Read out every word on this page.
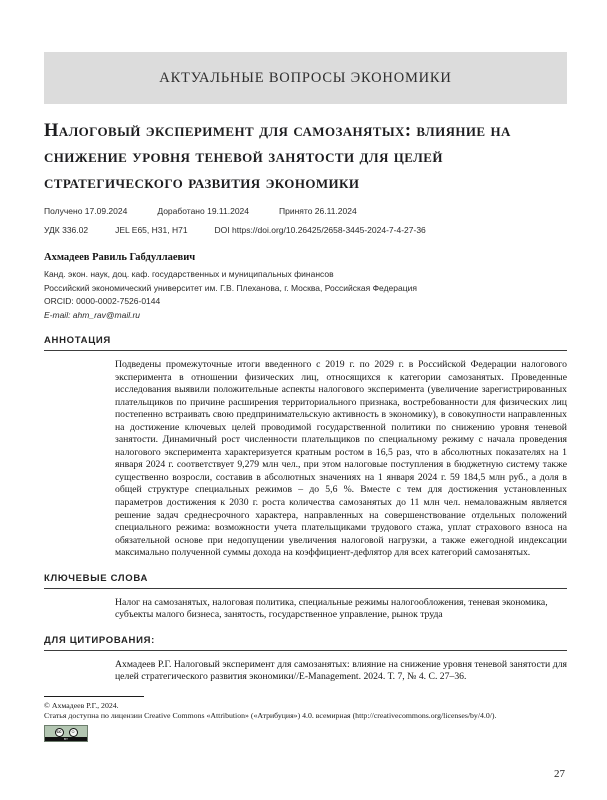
АКТУАЛЬНЫЕ ВОПРОСЫ ЭКОНОМИКИ
Налоговый эксперимент для самозанятых: влияние на снижение уровня теневой занятости для целей стратегического развития экономики
Получено 17.09.2024	Доработано 19.11.2024	Принято 26.11.2024
УДК 336.02	JEL E65, H31, H71	DOI https://doi.org/10.26425/2658-3445-2024-7-4-27-36
Ахмадеев Равиль Габдуллаевич
Канд. экон. наук, доц. каф. государственных и муниципальных финансов
Российский экономический университет им. Г.В. Плеханова, г. Москва, Российская Федерация
ORCID: 0000-0002-7526-0144
E-mail: ahm_rav@mail.ru
АННОТАЦИЯ

Подведены промежуточные итоги введенного с 2019 г. по 2029 г. в Российской Федерации налогового эксперимента в отношении физических лиц, относящихся к категории самозанятых. Проведенные исследования выявили положительные аспекты налогового эксперимента (увеличение зарегистрированных плательщиков по причине расширения территориального признака, востребованности для физических лиц постепенно встраивать свою предпринимательскую активность в экономику), в совокупности направленных на достижение ключевых целей проводимой государственной политики по снижению уровня теневой занятости. Динамичный рост численности плательщиков по специальному режиму с начала проведения налогового эксперимента характеризуется кратным ростом в 16,5 раз, что в абсолютных показателях на 1 января 2024 г. соответствует 9,279 млн чел., при этом налоговые поступления в бюджетную систему также существенно возросли, составив в абсолютных значениях на 1 января 2024 г. 59 184,5 млн руб., а доля в общей структуре специальных режимов – до 5,6 %. Вместе с тем для достижения установленных параметров достижения к 2030 г. роста количества самозанятых до 11 млн чел. немаловажным является решение задач среднесрочного характера, направленных на совершенствование отдельных положений специального режима: возможности учета плательщиками трудового стажа, уплат страхового взноса на обязательной основе при недопущении увеличения налоговой нагрузки, а также ежегодной индексации максимально полученной суммы дохода на коэффициент-дефлятор для всех категорий самозанятых.

КЛЮЧЕВЫЕ СЛОВА

Налог на самозанятых, налоговая политика, специальные режимы налогообложения, теневая экономика, субъекты малого бизнеса, занятость, государственное управление, рынок труда

ДЛЯ ЦИТИРОВАНИЯ:

Ахмадеев Р.Г. Налоговый эксперимент для самозанятых: влияние на снижение уровня теневой занятости для целей стратегического развития экономики//E-Management. 2024. Т. 7, № 4. С. 27–36.

© Ахмадеев Р.Г., 2024.
Статья доступна по лицензии Creative Commons «Attribution» («Атрибуция») 4.0. всемирная (http://creativecommons.org/licenses/by/4.0/).
cc	☺
BY
27
